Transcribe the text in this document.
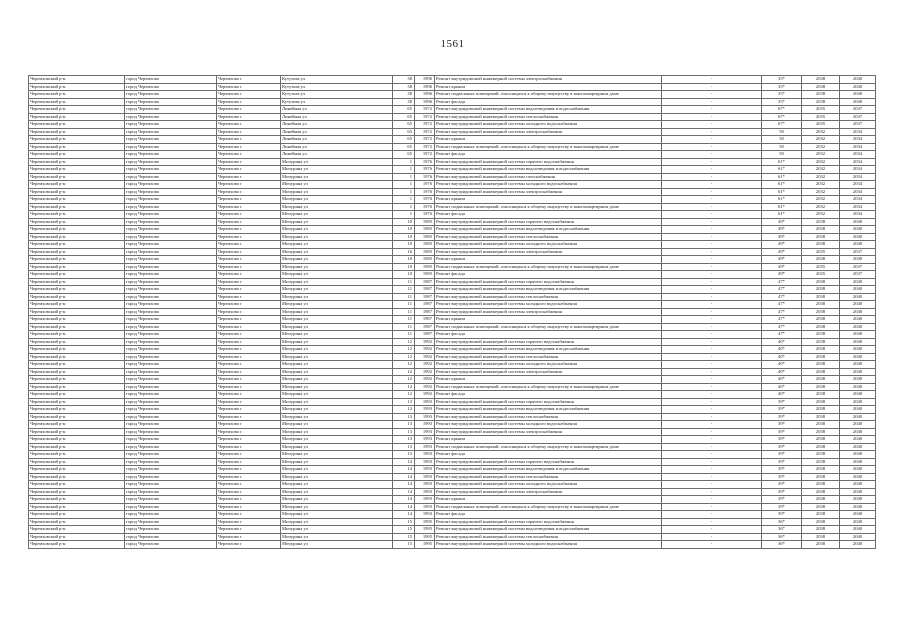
1561
Черемховский р-н	город Черемхово	Черемхово г	Кутузова ул	38	1996	Ремонт внутридомовой инженерной системы электроснабжения	-	35*	2038	2040
Черемховский р-н	город Черемхово	Черемхово г	Кутузова ул	38	1996	Ремонт крыши	-	35*	2038	2040
Черемховский р-н	город Черемхово	Черемхово г	Кутузова ул	38	1996	Ремонт подвальных помещений, относящихся к общему имуществу в многоквартирном доме	-	35*	2038	2040
Черемховский р-н	город Черемхово	Черемхово г	Кутузова ул	38	1996	Ремонт фасада	-	35*	2038	2040
Черемховский р-н	город Черемхово	Черемхово г	Линейная ул	65	1972	Ремонт внутридомовой инженерной системы водоотведения и водоснабжения	-	67*	2035	2037
Черемховский р-н	город Черемхово	Черемхово г	Линейная ул	65	1972	Ремонт внутридомовой инженерной системы теплоснабжения	-	67*	2035	2037
Черемховский р-н	город Черемхово	Черемхово г	Линейная ул	65	1972	Ремонт внутридомовой инженерной системы холодного водоснабжения	-	67*	2035	2037
Черемховский р-н	город Черемхово	Черемхово г	Линейная ул	65	1972	Ремонт внутридомовой инженерной системы электроснабжения	-	50	2032	2034
Черемховский р-н	город Черемхово	Черемхово г	Линейная ул	65	1972	Ремонт крыши	-	50	2032	2034
Черемховский р-н	город Черемхово	Черемхово г	Линейная ул	65	1972	Ремонт подвальных помещений, относящихся к общему имуществу в многоквартирном доме	-	50	2032	2034
Черемховский р-н	город Черемхово	Черемхово г	Линейная ул	65	1972	Ремонт фасада	-	50	2032	2034
Черемховский р-н	город Черемхово	Черемхово г	Мичурина ул	1	1976	Ремонт внутридомовой инженерной системы горячего водоснабжения	-	61*	2032	2034
Черемховский р-н	город Черемхово	Черемхово г	Мичурина ул	1	1976	Ремонт внутридомовой инженерной системы водоотведения и водоснабжения	-	61*	2032	2034
Черемховский р-н	город Черемхово	Черемхово г	Мичурина ул	1	1976	Ремонт внутридомовой инженерной системы газоснабжения	-	61*	2032	2034
Черемховский р-н	город Черемхово	Черемхово г	Мичурина ул	1	1976	Ремонт внутридомовой инженерной системы холодного водоснабжения	-	61*	2032	2034
Черемховский р-н	город Черемхово	Черемхово г	Мичурина ул	1	1976	Ремонт внутридомовой инженерной системы электроснабжения	-	61*	2032	2034
Черемховский р-н	город Черемхово	Черемхово г	Мичурина ул	1	1976	Ремонт крыши	-	61*	2032	2034
Черемховский р-н	город Черемхово	Черемхово г	Мичурина ул	1	1976	Ремонт подвальных помещений, относящихся к общему имуществу в многоквартирном доме	-	61*	2032	2034
Черемховский р-н	город Черемхово	Черемхово г	Мичурина ул	1	1976	Ремонт фасада	-	61*	2032	2034
Черемховский р-н	город Черемхово	Черемхово г	Мичурина ул	10	1985	Ремонт внутридомовой инженерной системы горячего водоснабжения	-	49*	2038	2040
Черемховский р-н	город Черемхово	Черемхово г	Мичурина ул	10	1985	Ремонт внутридомовой инженерной системы водоотведения и водоснабжения	-	49*	2038	2040
Черемховский р-н	город Черемхово	Черемхово г	Мичурина ул	10	1985	Ремонт внутридомовой инженерной системы теплоснабжения	-	49*	2038	2040
Черемховский р-н	город Черемхово	Черемхово г	Мичурина ул	10	1985	Ремонт внутридомовой инженерной системы холодного водоснабжения	-	49*	2038	2040
Черемховский р-н	город Черемхово	Черемхово г	Мичурина ул	10	1985	Ремонт внутридомовой инженерной системы электроснабжения	-	49*	2035	2037
Черемховский р-н	город Черемхово	Черемхово г	Мичурина ул	10	1985	Ремонт крыши	-	49*	2038	2040
Черемховский р-н	город Черемхово	Черемхово г	Мичурина ул	10	1985	Ремонт подвальных помещений, относящихся к общему имуществу в многоквартирном доме	-	49*	2035	2037
Черемховский р-н	город Черемхово	Черемхово г	Мичурина ул	10	1985	Ремонт фасада	-	49*	2035	2037
Черемховский р-н	город Черемхово	Черемхово г	Мичурина ул	11	1987	Ремонт внутридомовой инженерной системы горячего водоснабжения	-	47*	2038	2040
Черемховский р-н	город Черемхово	Черемхово г	Мичурина ул	11	1987	Ремонт внутридомовой инженерной системы водоотведения и водоснабжения	-	47*	2038	2040
Черемховский р-н	город Черемхово	Черемхово г	Мичурина ул	11	1987	Ремонт внутридомовой инженерной системы теплоснабжения	-	47*	2038	2040
Черемховский р-н	город Черемхово	Черемхово г	Мичурина ул	11	1987	Ремонт внутридомовой инженерной системы холодного водоснабжения	-	47*	2038	2040
Черемховский р-н	город Черемхово	Черемхово г	Мичурина ул	11	1987	Ремонт внутридомовой инженерной системы электроснабжения	-	47*	2038	2040
Черемховский р-н	город Черемхово	Черемхово г	Мичурина ул	11	1987	Ремонт крыши	-	47*	2038	2040
Черемховский р-н	город Черемхово	Черемхово г	Мичурина ул	11	1987	Ремонт подвальных помещений, относящихся к общему имуществу в многоквартирном доме	-	47*	2038	2040
Черемховский р-н	город Черемхово	Черемхово г	Мичурина ул	11	1987	Ремонт фасада	-	47*	2038	2040
Черемховский р-н	город Черемхово	Черемхово г	Мичурина ул	12	1992	Ремонт внутридомовой инженерной системы горячего водоснабжения	-	40*	2038	2040
Черемховский р-н	город Черемхово	Черемхово г	Мичурина ул	12	1992	Ремонт внутридомовой инженерной системы водоотведения и водоснабжения	-	40*	2038	2040
Черемховский р-н	город Черемхово	Черемхово г	Мичурина ул	12	1992	Ремонт внутридомовой инженерной системы теплоснабжения	-	40*	2038	2040
Черемховский р-н	город Черемхово	Черемхово г	Мичурина ул	12	1992	Ремонт внутридомовой инженерной системы холодного водоснабжения	-	40*	2038	2040
Черемховский р-н	город Черемхово	Черемхово г	Мичурина ул	12	1992	Ремонт внутридомовой инженерной системы электроснабжения	-	40*	2038	2040
Черемховский р-н	город Черемхово	Черемхово г	Мичурина ул	12	1992	Ремонт крыши	-	40*	2038	2040
Черемховский р-н	город Черемхово	Черемхово г	Мичурина ул	12	1992	Ремонт подвальных помещений, относящихся к общему имуществу в многоквартирном доме	-	40*	2038	2040
Черемховский р-н	город Черемхово	Черемхово г	Мичурина ул	12	1992	Ремонт фасада	-	40*	2038	2040
Черемховский р-н	город Черемхово	Черемхово г	Мичурина ул	13	1993	Ремонт внутридомовой инженерной системы горячего водоснабжения	-	39*	2038	2040
Черемховский р-н	город Черемхово	Черемхово г	Мичурина ул	13	1993	Ремонт внутридомовой инженерной системы водоотведения и водоснабжения	-	39*	2038	2040
Черемховский р-н	город Черемхово	Черемхово г	Мичурина ул	13	1993	Ремонт внутридомовой инженерной системы теплоснабжения	-	39*	2038	2040
Черемховский р-н	город Черемхово	Черемхово г	Мичурина ул	13	1993	Ремонт внутридомовой инженерной системы холодного водоснабжения	-	39*	2038	2040
Черемховский р-н	город Черемхово	Черемхово г	Мичурина ул	13	1993	Ремонт внутридомовой инженерной системы электроснабжения	-	39*	2038	2040
Черемховский р-н	город Черемхово	Черемхово г	Мичурина ул	13	1993	Ремонт крыши	-	39*	2038	2040
Черемховский р-н	город Черемхово	Черемхово г	Мичурина ул	13	1993	Ремонт подвальных помещений, относящихся к общему имуществу в многоквартирном доме	-	39*	2038	2040
Черемховский р-н	город Черемхово	Черемхово г	Мичурина ул	13	1993	Ремонт фасада	-	39*	2038	2040
Черемховский р-н	город Черемхово	Черемхово г	Мичурина ул	14	1993	Ремонт внутридомовой инженерной системы горячего водоснабжения	-	39*	2038	2040
Черемховский р-н	город Черемхово	Черемхово г	Мичурина ул	14	1993	Ремонт внутридомовой инженерной системы водоотведения и водоснабжения	-	39*	2038	2040
Черемховский р-н	город Черемхово	Черемхово г	Мичурина ул	14	1993	Ремонт внутридомовой инженерной системы теплоснабжения	-	39*	2038	2040
Черемховский р-н	город Черемхово	Черемхово г	Мичурина ул	14	1993	Ремонт внутридомовой инженерной системы холодного водоснабжения	-	39*	2038	2040
Черемховский р-н	город Черемхово	Черемхово г	Мичурина ул	14	1993	Ремонт внутридомовой инженерной системы электроснабжения	-	39*	2038	2040
Черемховский р-н	город Черемхово	Черемхово г	Мичурина ул	14	1993	Ремонт крыши	-	39*	2038	2040
Черемховский р-н	город Черемхово	Черемхово г	Мичурина ул	14	1993	Ремонт подвальных помещений, относящихся к общему имуществу в многоквартирном доме	-	39*	2038	2040
Черемховский р-н	город Черемхово	Черемхово г	Мичурина ул	14	1993	Ремонт фасада	-	39*	2038	2040
Черемховский р-н	город Черемхово	Черемхово г	Мичурина ул	15	1995	Ремонт внутридомовой инженерной системы горячего водоснабжения	-	36*	2038	2040
Черемховский р-н	город Черемхово	Черемхово г	Мичурина ул	15	1995	Ремонт внутридомовой инженерной системы водоотведения и водоснабжения	-	36*	2038	2040
Черемховский р-н	город Черемхово	Черемхово г	Мичурина ул	15	1995	Ремонт внутридомовой инженерной системы теплоснабжения	-	36*	2038	2040
Черемховский р-н	город Черемхово	Черемхово г	Мичурина ул	15	1995	Ремонт внутридомовой инженерной системы холодного водоснабжения	-	36*	2038	2040
